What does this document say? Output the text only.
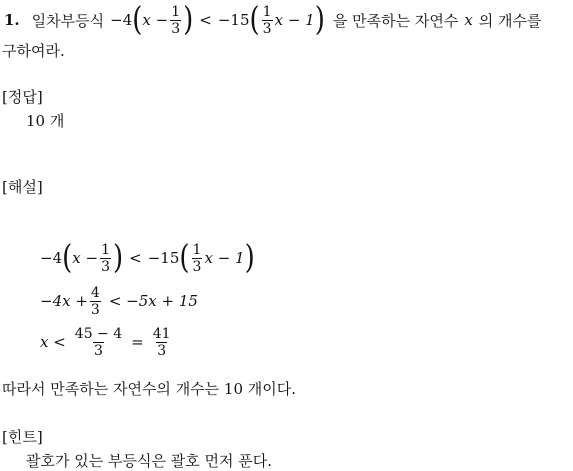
1. 일차부등식 −4 ( $x - \frac{1}{3}$ ) < −15 ( $\frac{1}{3}$ x − 1 ) 을 만족하는 자연수 x 의 개수를
구하여라.
[정답]
10 개
[해설]
−4 ( $x - \frac{1}{3}$ ) < −15 ( $\frac{1}{3}$ x − 1 )
$-4x + \frac{4}{3} < -5x + 15$
$x < \frac{45 - 4}{3} = \frac{41}{3}$
따라서 만족하는 자연수의 개수는 10 개이다.
[힌트]
괄호가 있는 부등식은 괄호 먼저 푼다.
